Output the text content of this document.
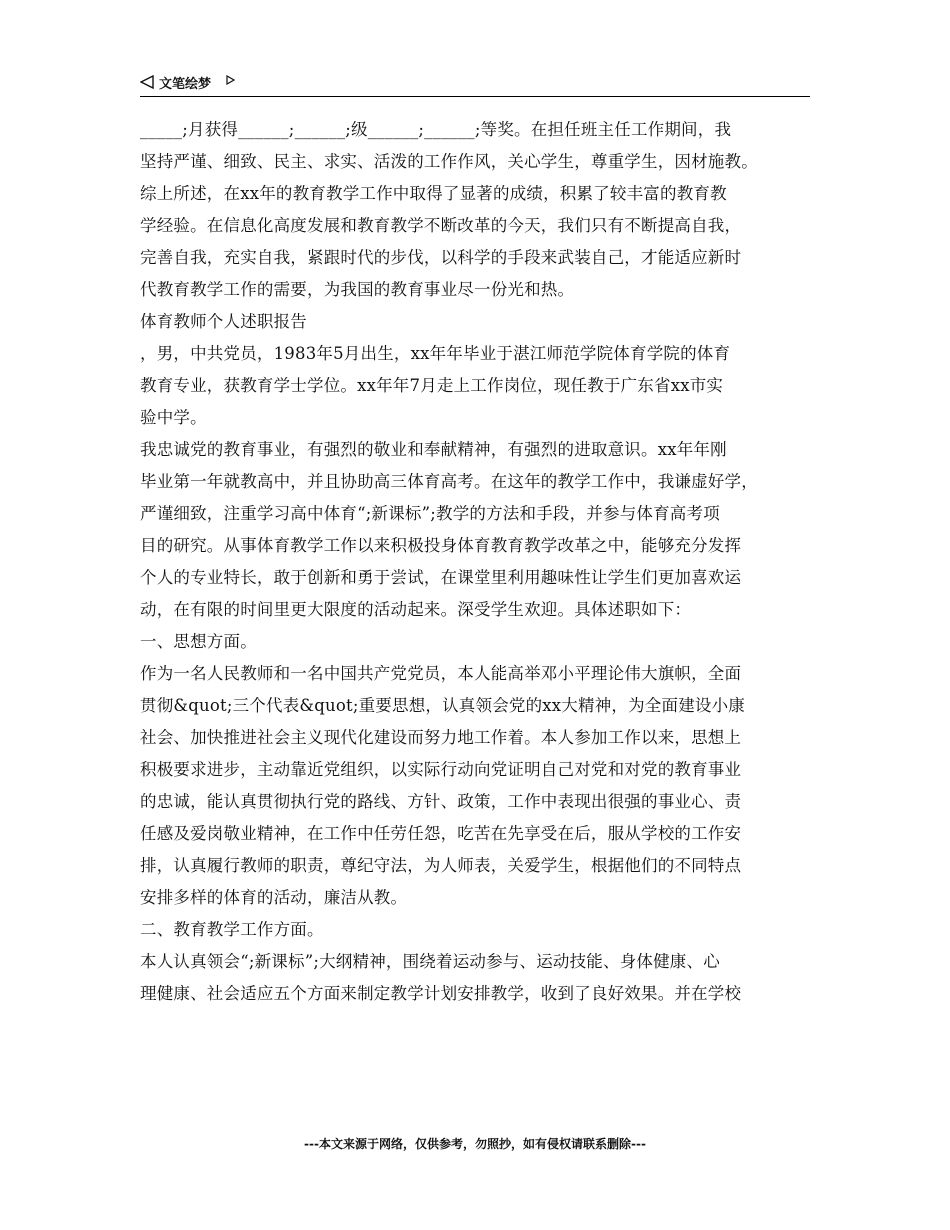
文笔绘梦
_____;月获得______;______;级______;______;等奖。在担任班主任工作期间，我
坚持严谨、细致、民主、求实、活泼的工作作风，关心学生，尊重学生，因材施教。
综上所述，在xx年的教育教学工作中取得了显著的成绩，积累了较丰富的教育教
学经验。在信息化高度发展和教育教学不断改革的今天，我们只有不断提高自我，
完善自我，充实自我，紧跟时代的步伐，以科学的手段来武装自己，才能适应新时
代教育教学工作的需要，为我国的教育事业尽一份光和热。
体育教师个人述职报告
，男，中共党员，1983年5月出生，xx年年毕业于湛江师范学院体育学院的体育
教育专业，获教育学士学位。xx年年7月走上工作岗位，现任教于广东省xx市实
验中学。
我忠诚党的教育事业，有强烈的敬业和奉献精神，有强烈的进取意识。xx年年刚
毕业第一年就教高中，并且协助高三体育高考。在这年的教学工作中，我谦虚好学，
严谨细致，注重学习高中体育“;新课标”;教学的方法和手段，并参与体育高考项
目的研究。从事体育教学工作以来积极投身体育教育教学改革之中，能够充分发挥
个人的专业特长，敢于创新和勇于尝试，在课堂里利用趣味性让学生们更加喜欢运
动，在有限的时间里更大限度的活动起来。深受学生欢迎。具体述职如下：
一、思想方面。
作为一名人民教师和一名中国共产党党员，本人能高举邓小平理论伟大旗帜，全面
贯彻&quot;三个代表&quot;重要思想，认真领会党的xx大精神，为全面建设小康
社会、加快推进社会主义现代化建设而努力地工作着。本人参加工作以来，思想上
积极要求进步，主动靠近党组织，以实际行动向党证明自己对党和对党的教育事业
的忠诚，能认真贯彻执行党的路线、方针、政策，工作中表现出很强的事业心、责
任感及爱岗敬业精神，在工作中任劳任怨，吃苦在先享受在后，服从学校的工作安
排，认真履行教师的职责，尊纪守法，为人师表，关爱学生，根据他们的不同特点
安排多样的体育的活动，廉洁从教。
二、教育教学工作方面。
本人认真领会“;新课标”;大纲精神，围绕着运动参与、运动技能、身体健康、心
理健康、社会适应五个方面来制定教学计划安排教学，收到了良好效果。并在学校
---本文来源于网络，仅供参考，勿照抄，如有侵权请联系删除---
